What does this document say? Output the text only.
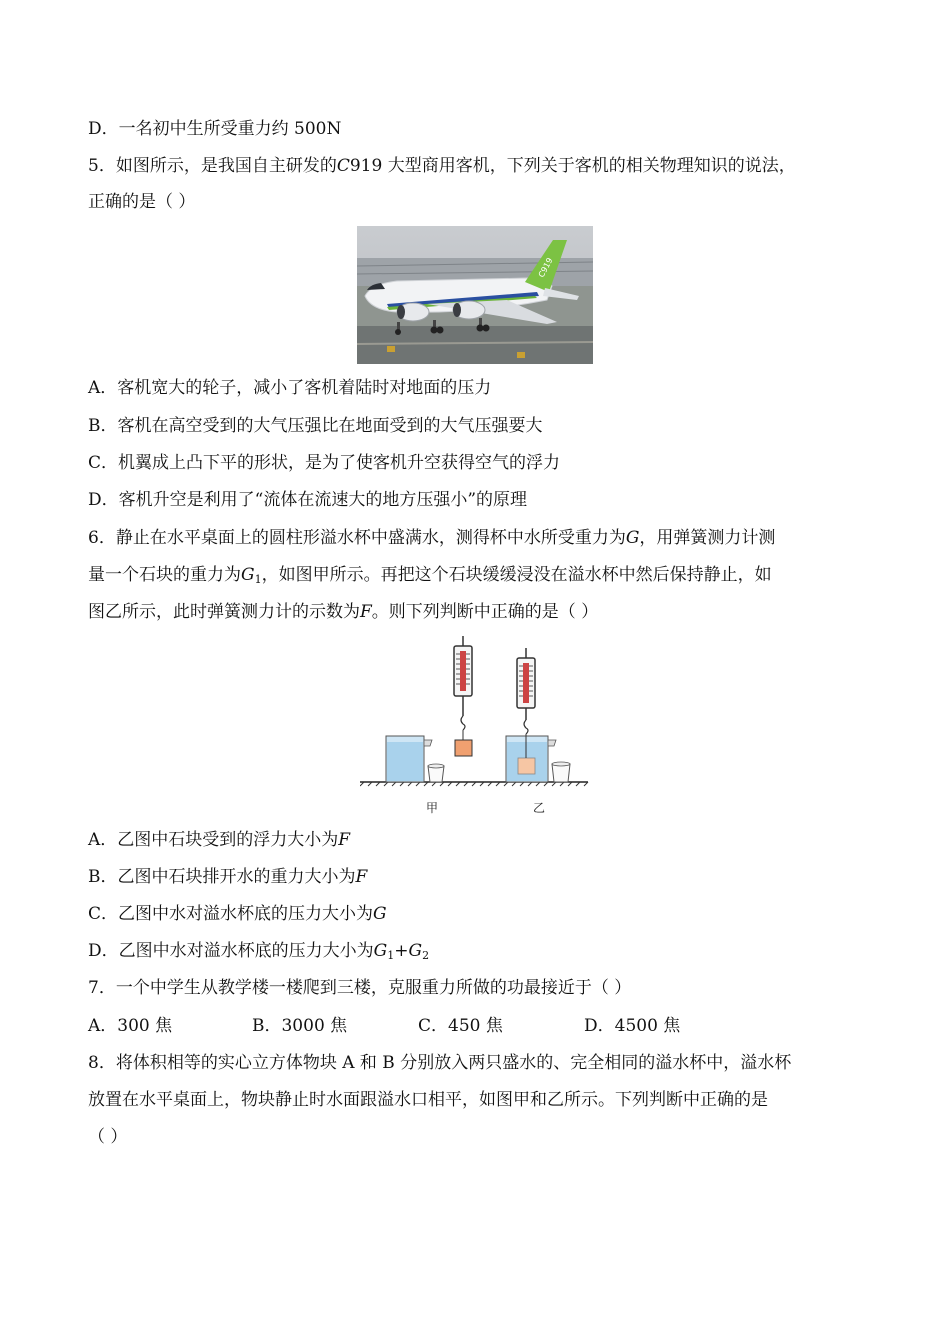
D．一名初中生所受重力约 500N
5．如图所示，是我国自主研发的C919 大型商用客机，下列关于客机的相关物理知识的说法，
正确的是（ ）
C919
A．客机宽大的轮子，减小了客机着陆时对地面的压力
B．客机在高空受到的大气压强比在地面受到的大气压强要大
C．机翼成上凸下平的形状，是为了使客机升空获得空气的浮力
D．客机升空是利用了“流体在流速大的地方压强小”的原理
6．静止在水平桌面上的圆柱形溢水杯中盛满水，测得杯中水所受重力为G，用弹簧测力计测
量一个石块的重力为$G_1$，如图甲所示。再把这个石块缓缓浸没在溢水杯中然后保持静止，如
图乙所示，此时弹簧测力计的示数为F。则下列判断中正确的是（ ）
甲	乙
A．乙图中石块受到的浮力大小为F
B．乙图中石块排开水的重力大小为F
C．乙图中水对溢水杯底的压力大小为G
D．乙图中水对溢水杯底的压力大小为$G_1+G_2$
7．一个中学生从教学楼一楼爬到三楼，克服重力所做的功最接近于（ ）
A．300 焦	B．3000 焦	C．450 焦	D．4500 焦
8．将体积相等的实心立方体物块 A 和 B 分别放入两只盛水的、完全相同的溢水杯中，溢水杯
放置在水平桌面上，物块静止时水面跟溢水口相平，如图甲和乙所示。下列判断中正确的是
（ ）
